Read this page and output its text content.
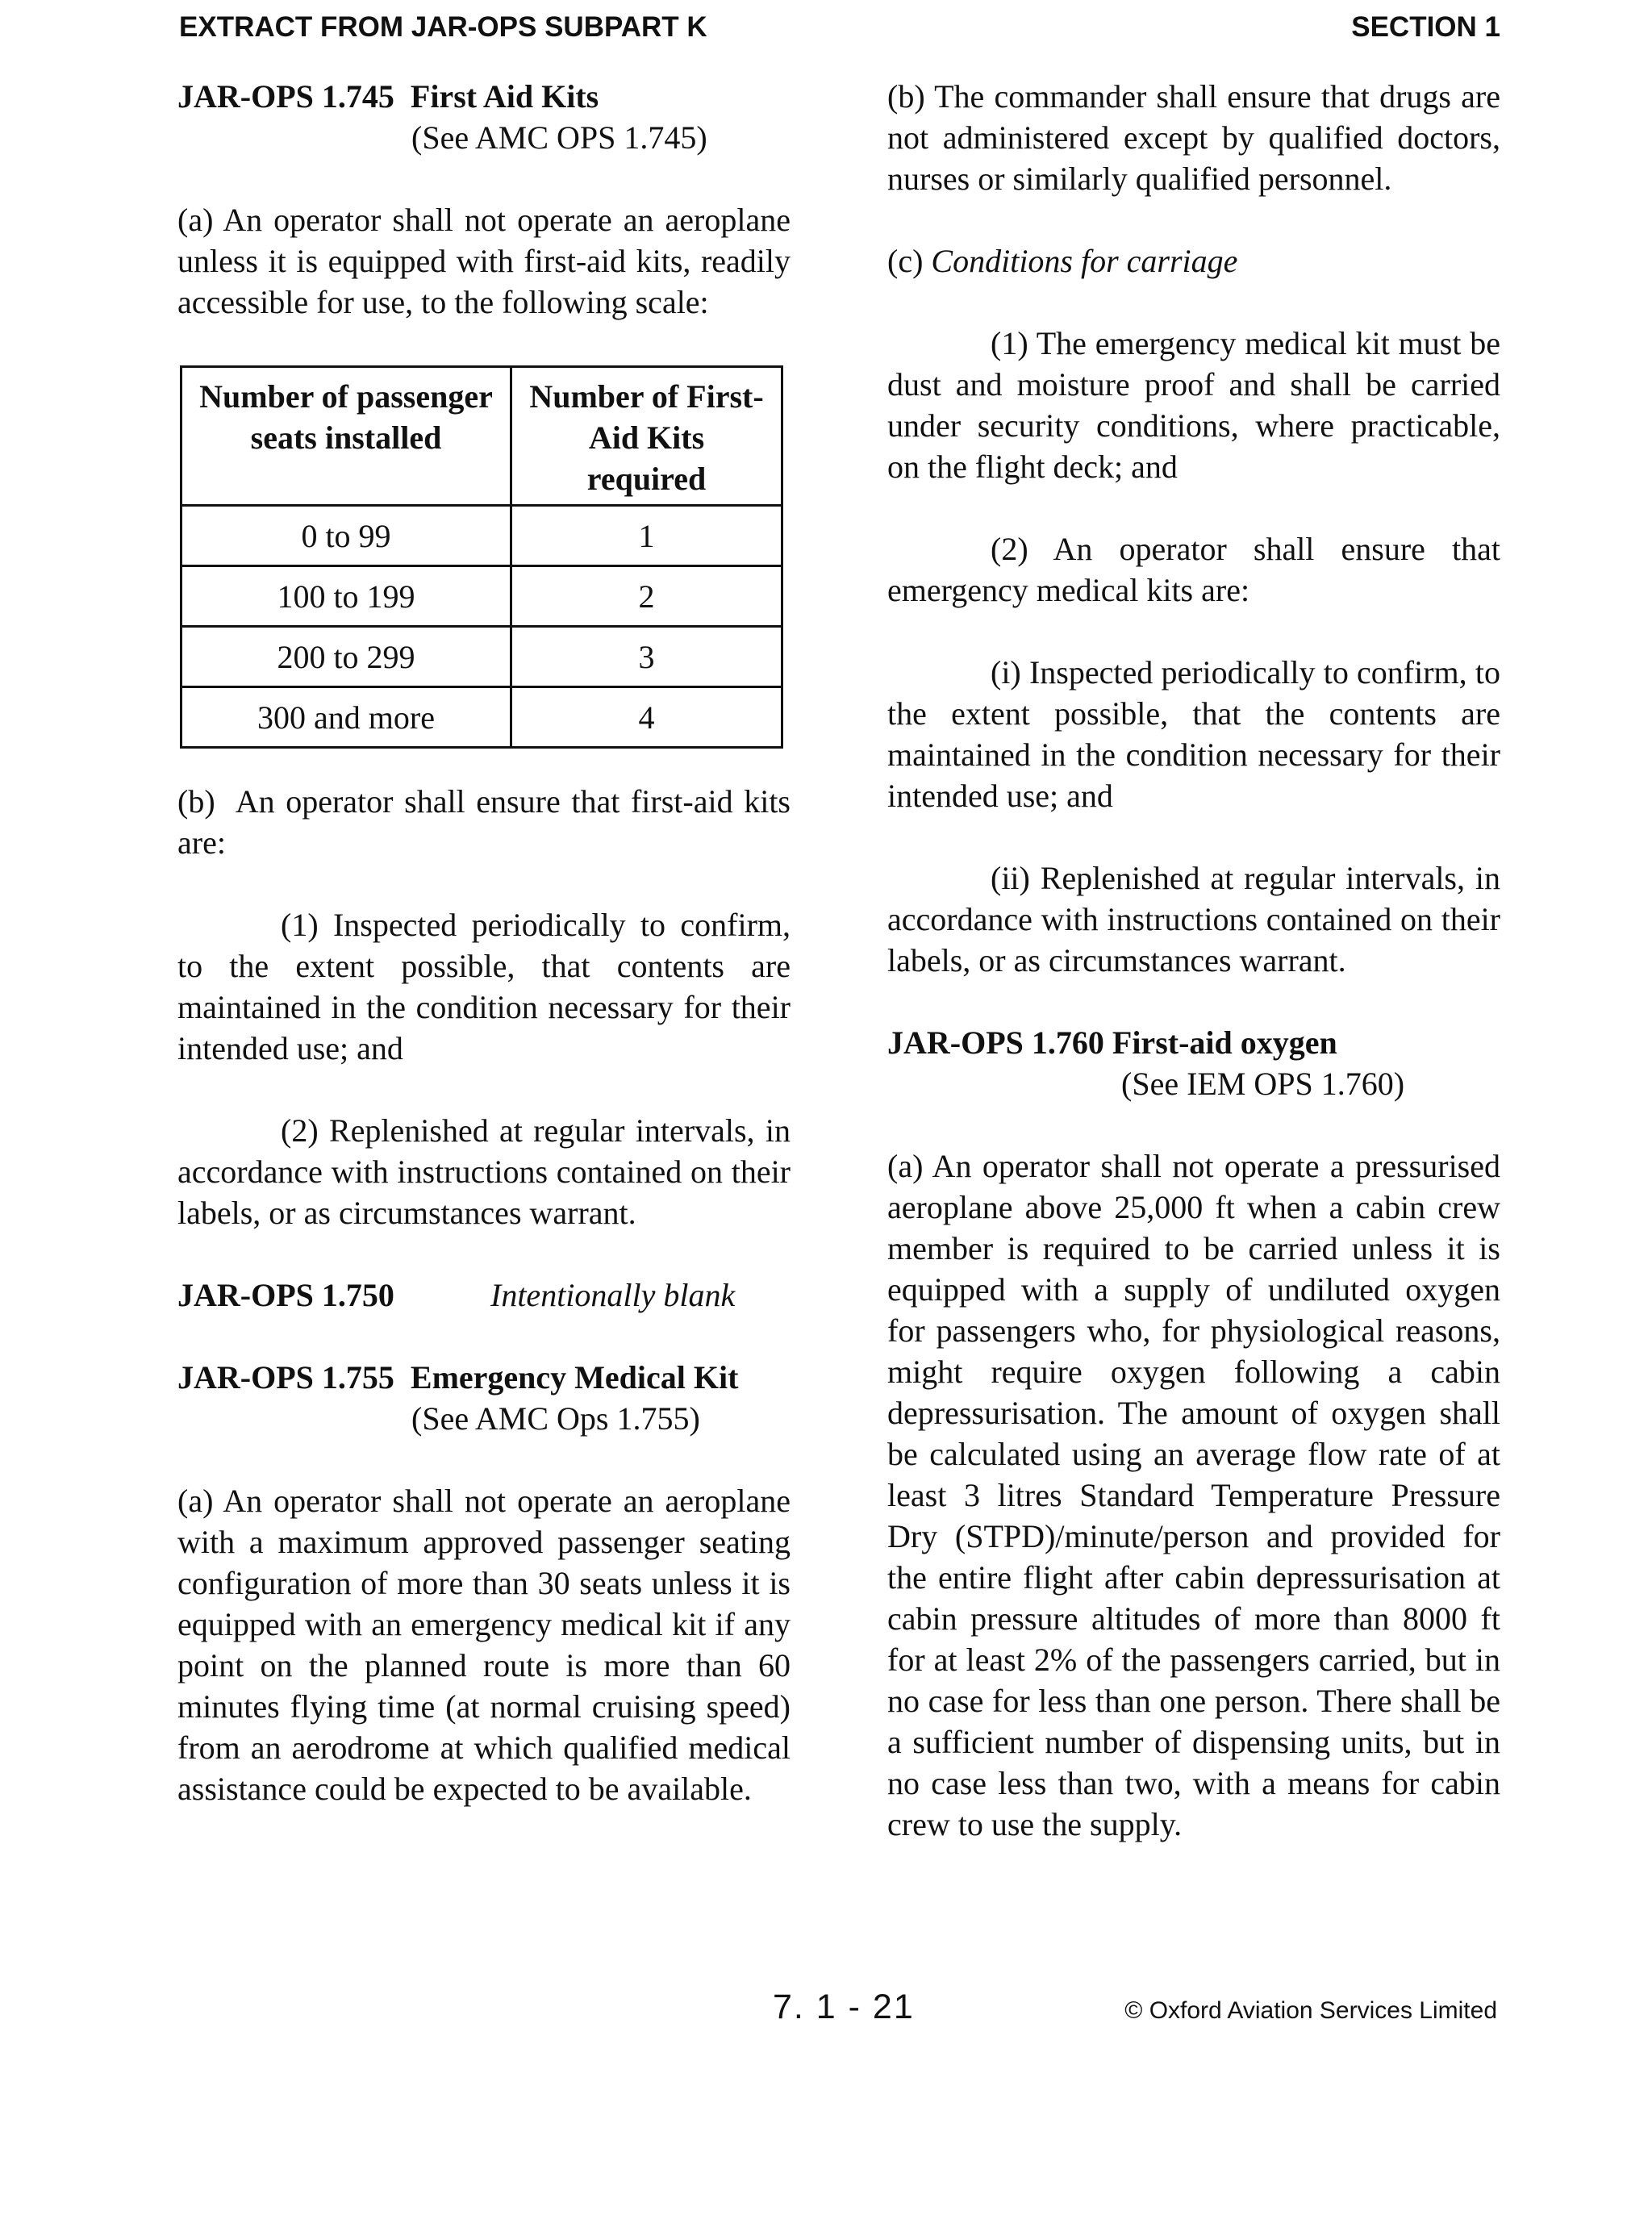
EXTRACT FROM JAR-OPS SUBPART K	SECTION 1

JAR-OPS 1.745  First Aid Kits

(See AMC OPS 1.745)

(a) An operator shall not operate an aeroplane unless it is equipped with first-aid kits, readily accessible for use, to the following scale:

Number of passenger seats installed	Number of First-Aid Kits required
0 to 99	1
100 to 199	2
200 to 299	3
300 and more	4

(b)  An operator shall ensure that first-aid kits are:

(1) Inspected periodically to confirm, to the extent possible, that contents are maintained in the condition necessary for their intended use; and

(2) Replenished at regular intervals, in accordance with instructions contained on their labels, or as circumstances warrant.

JAR-OPS 1.750	Intentionally blank

JAR-OPS 1.755  Emergency Medical Kit

(See AMC Ops 1.755)

(a) An operator shall not operate an aeroplane with a maximum approved passenger seating configuration of more than 30 seats unless it is equipped with an emergency medical kit if any point on the planned route is more than 60 minutes flying time (at normal cruising speed) from an aerodrome at which qualified medical assistance could be expected to be available.

(b) The commander shall ensure that drugs are not administered except by qualified doctors, nurses or similarly qualified personnel.

(c) Conditions for carriage

(1) The emergency medical kit must be dust and moisture proof and shall be carried under security conditions, where practicable, on the flight deck; and

(2) An operator shall ensure that emergency medical kits are:

(i) Inspected periodically to confirm, to the extent possible, that the contents are maintained in the condition necessary for their intended use; and

(ii) Replenished at regular intervals, in accordance with instructions contained on their labels, or as circumstances warrant.

JAR-OPS 1.760 First-aid oxygen

(See IEM OPS 1.760)

(a) An operator shall not operate a pressurised aeroplane above 25,000 ft when a cabin crew member is required to be carried unless it is equipped with a supply of undiluted oxygen for passengers who, for physiological reasons, might require oxygen following a cabin depressurisation. The amount of oxygen shall be calculated using an average flow rate of at least 3 litres Standard Temperature Pressure Dry (STPD)/minute/person and provided for the entire flight after cabin depressurisation at cabin pressure altitudes of more than 8000 ft for at least 2% of the passengers carried, but in no case for less than one person. There shall be a sufficient number of dispensing units, but in no case less than two, with a means for cabin crew to use the supply.

7. 1 - 21	© Oxford Aviation Services Limited
